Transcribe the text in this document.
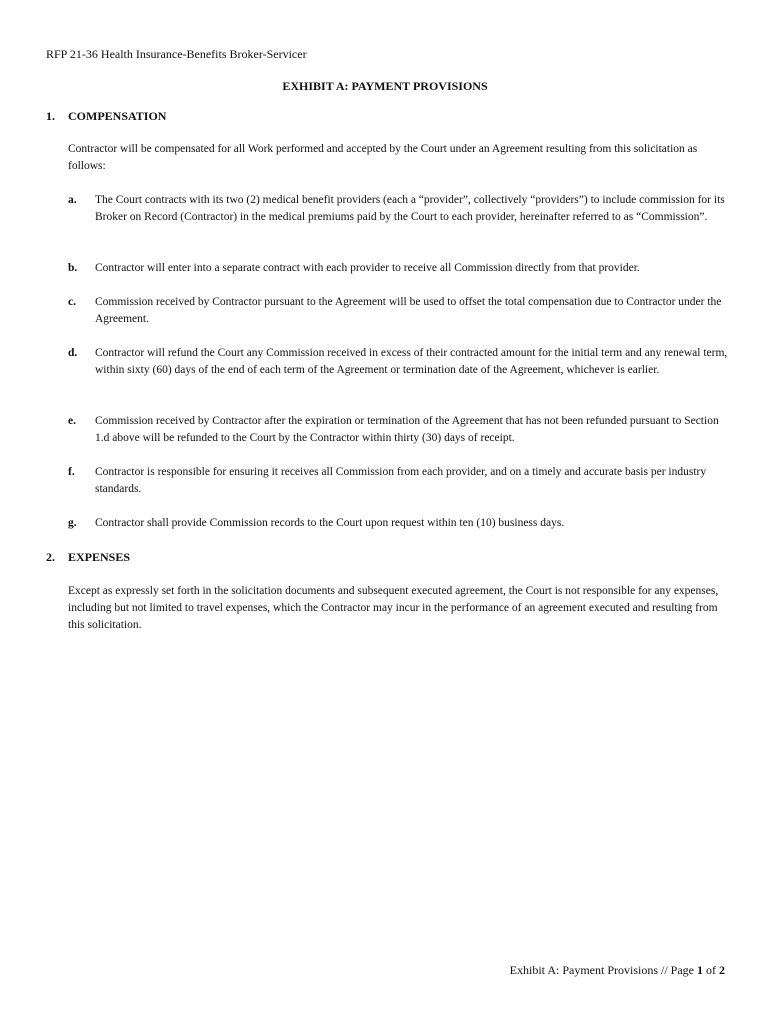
RFP 21-36 Health Insurance-Benefits Broker-Servicer
EXHIBIT A: PAYMENT PROVISIONS
1. COMPENSATION
Contractor will be compensated for all Work performed and accepted by the Court under an Agreement resulting from this solicitation as follows:
a.	The Court contracts with its two (2) medical benefit providers (each a “provider”, collectively “providers”) to include commission for its Broker on Record (Contractor) in the medical premiums paid by the Court to each provider, hereinafter referred to as “Commission”.
b.	Contractor will enter into a separate contract with each provider to receive all Commission directly from that provider.
c.	Commission received by Contractor pursuant to the Agreement will be used to offset the total compensation due to Contractor under the Agreement.
d.	Contractor will refund the Court any Commission received in excess of their contracted amount for the initial term and any renewal term, within sixty (60) days of the end of each term of the Agreement or termination date of the Agreement, whichever is earlier.
e.	Commission received by Contractor after the expiration or termination of the Agreement that has not been refunded pursuant to Section 1.d above will be refunded to the Court by the Contractor within thirty (30) days of receipt.
f.	Contractor is responsible for ensuring it receives all Commission from each provider, and on a timely and accurate basis per industry standards.
g.	Contractor shall provide Commission records to the Court upon request within ten (10) business days.
2. EXPENSES
Except as expressly set forth in the solicitation documents and subsequent executed agreement, the Court is not responsible for any expenses, including but not limited to travel expenses, which the Contractor may incur in the performance of an agreement executed and resulting from this solicitation.
Exhibit A: Payment Provisions // Page 1 of 2
